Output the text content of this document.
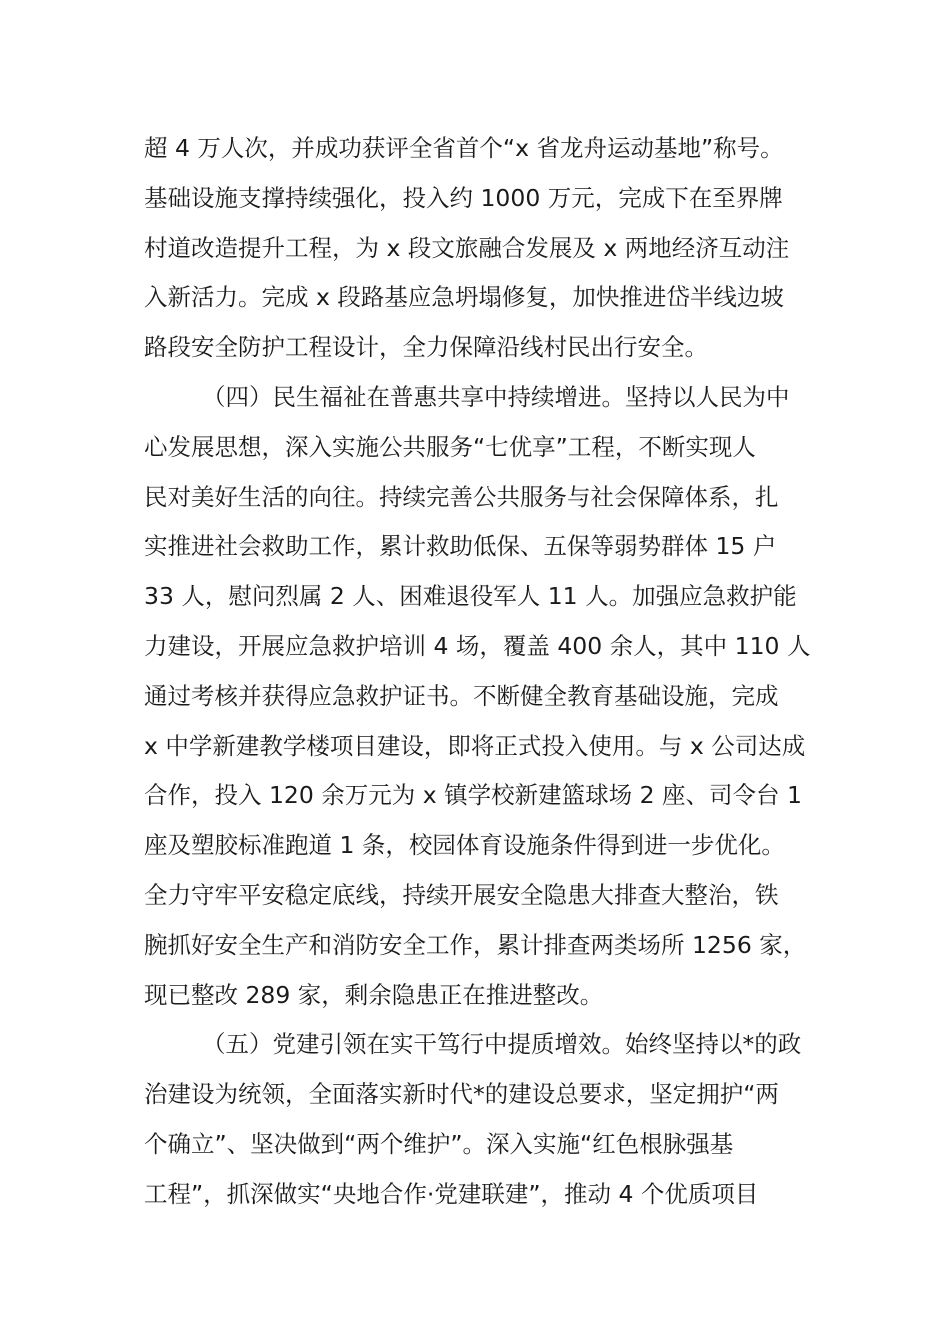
超 4 万人次，并成功获评全省首个“x 省龙舟运动基地”称号。
基础设施支撑持续强化，投入约 1000 万元，完成下在至界牌
村道改造提升工程，为 x 段文旅融合发展及 x 两地经济互动注
入新活力。完成 x 段路基应急坍塌修复，加快推进岱半线边坡
路段安全防护工程设计，全力保障沿线村民出行安全。
（四）民生福祉在普惠共享中持续增进。坚持以人民为中
心发展思想，深入实施公共服务“七优享”工程，不断实现人
民对美好生活的向往。持续完善公共服务与社会保障体系，扎
实推进社会救助工作，累计救助低保、五保等弱势群体 15 户
33 人，慰问烈属 2 人、困难退役军人 11 人。加强应急救护能
力建设，开展应急救护培训 4 场，覆盖 400 余人，其中 110 人
通过考核并获得应急救护证书。不断健全教育基础设施，完成
x 中学新建教学楼项目建设，即将正式投入使用。与 x 公司达成
合作，投入 120 余万元为 x 镇学校新建篮球场 2 座、司令台 1
座及塑胶标准跑道 1 条，校园体育设施条件得到进一步优化。
全力守牢平安稳定底线，持续开展安全隐患大排查大整治，铁
腕抓好安全生产和消防安全工作，累计排查两类场所 1256 家，
现已整改 289 家，剩余隐患正在推进整改。
（五）党建引领在实干笃行中提质增效。始终坚持以*的政
治建设为统领，全面落实新时代*的建设总要求，坚定拥护“两
个确立”、坚决做到“两个维护”。深入实施“红色根脉强基
工程”，抓深做实“央地合作·党建联建”，推动 4 个优质项目
